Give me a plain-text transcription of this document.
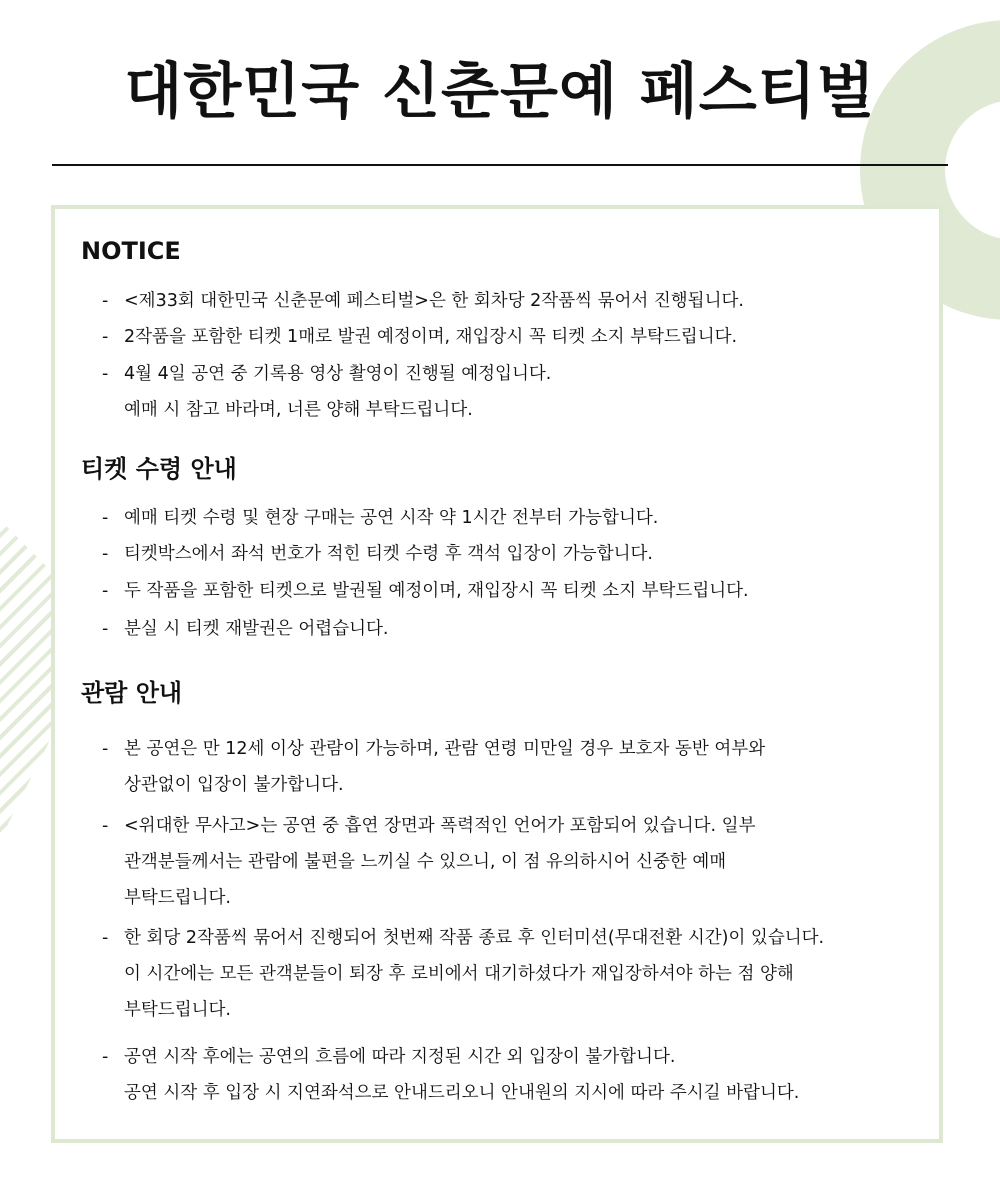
대한민국 신춘문예 페스티벌
NOTICE
- <제33회 대한민국 신춘문예 페스티벌>은 한 회차당 2작품씩 묶어서 진행됩니다.
- 2작품을 포함한 티켓 1매로 발권 예정이며, 재입장시 꼭 티켓 소지 부탁드립니다.
- 4월 4일 공연 중 기록용 영상 촬영이 진행될 예정입니다.
예매 시 참고 바라며, 너른 양해 부탁드립니다.
티켓 수령 안내
- 예매 티켓 수령 및 현장 구매는 공연 시작 약 1시간 전부터 가능합니다.
- 티켓박스에서 좌석 번호가 적힌 티켓 수령 후 객석 입장이 가능합니다.
- 두 작품을 포함한 티켓으로 발권될 예정이며, 재입장시 꼭 티켓 소지 부탁드립니다.
- 분실 시 티켓 재발권은 어렵습니다.
관람 안내
- 본 공연은 만 12세 이상 관람이 가능하며, 관람 연령 미만일 경우 보호자 동반 여부와
상관없이 입장이 불가합니다.
- <위대한 무사고>는 공연 중 흡연 장면과 폭력적인 언어가 포함되어 있습니다. 일부
관객분들께서는 관람에 불편을 느끼실 수 있으니, 이 점 유의하시어 신중한 예매
부탁드립니다.
- 한 회당 2작품씩 묶어서 진행되어 첫번째 작품 종료 후 인터미션(무대전환 시간)이 있습니다.
이 시간에는 모든 관객분들이 퇴장 후 로비에서 대기하셨다가 재입장하셔야 하는 점 양해
부탁드립니다.
- 공연 시작 후에는 공연의 흐름에 따라 지정된 시간 외 입장이 불가합니다.
공연 시작 후 입장 시 지연좌석으로 안내드리오니 안내원의 지시에 따라 주시길 바랍니다.
